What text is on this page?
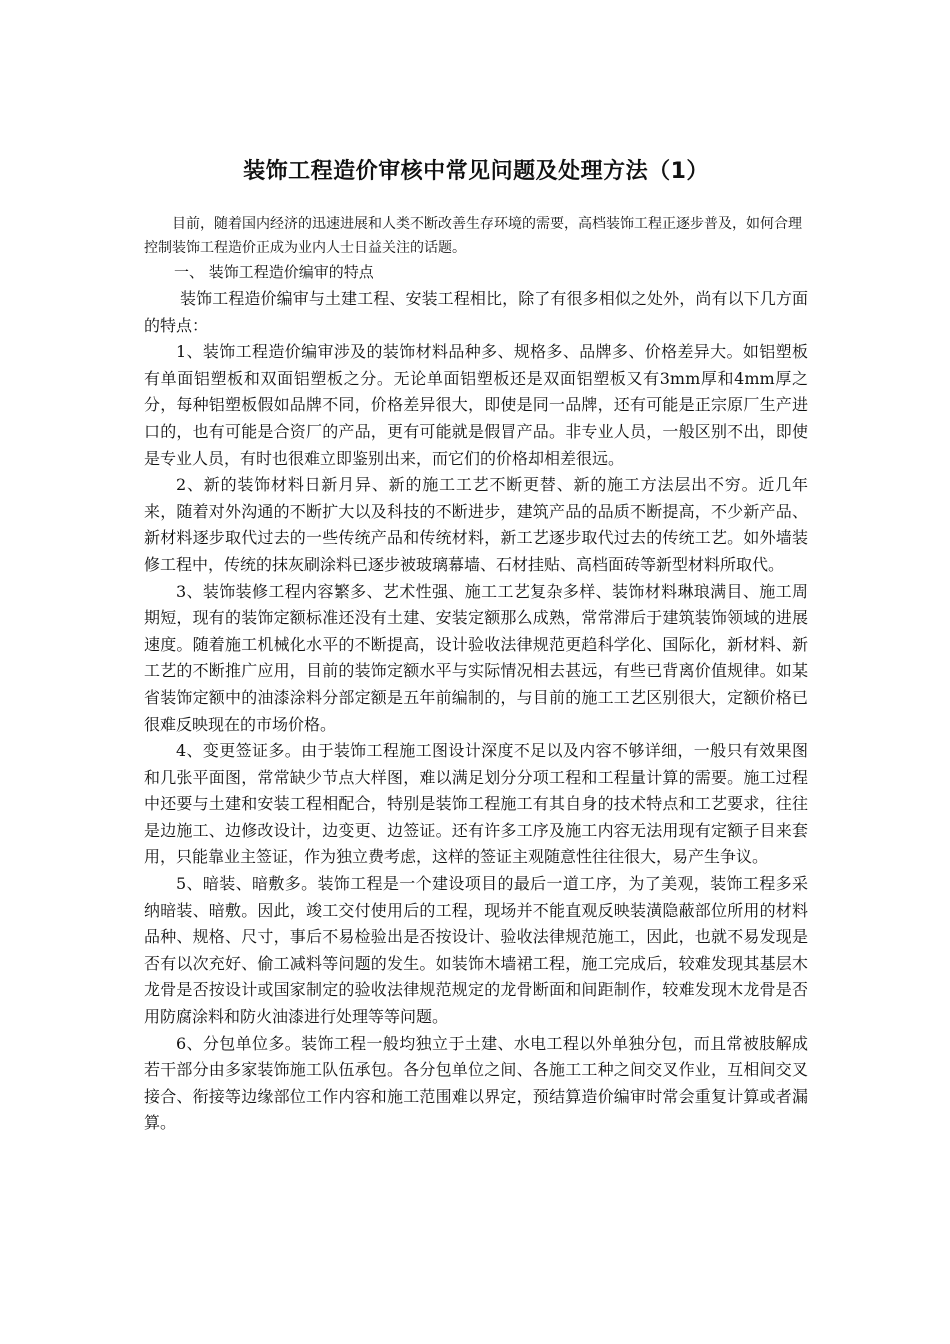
装饰工程造价审核中常见问题及处理方法（1）

目前，随着国内经济的迅速进展和人类不断改善生存环境的需要，高档装饰工程正逐步普及，如何合理控制装饰工程造价正成为业内人士日益关注的话题。

一、 装饰工程造价编审的特点

装饰工程造价编审与土建工程、安装工程相比，除了有很多相似之处外，尚有以下几方面的特点：

1、装饰工程造价编审涉及的装饰材料品种多、规格多、品牌多、价格差异大。如铝塑板有单面铝塑板和双面铝塑板之分。无论单面铝塑板还是双面铝塑板又有3mm厚和4mm厚之分，每种铝塑板假如品牌不同，价格差异很大，即使是同一品牌，还有可能是正宗原厂生产进口的，也有可能是合资厂的产品，更有可能就是假冒产品。非专业人员，一般区别不出，即使是专业人员，有时也很难立即鉴别出来，而它们的价格却相差很远。

2、新的装饰材料日新月异、新的施工工艺不断更替、新的施工方法层出不穷。近几年来，随着对外沟通的不断扩大以及科技的不断进步，建筑产品的品质不断提高，不少新产品、新材料逐步取代过去的一些传统产品和传统材料，新工艺逐步取代过去的传统工艺。如外墙装修工程中，传统的抹灰刷涂料已逐步被玻璃幕墙、石材挂贴、高档面砖等新型材料所取代。

3、装饰装修工程内容繁多、艺术性强、施工工艺复杂多样、装饰材料琳琅满目、施工周期短，现有的装饰定额标准还没有土建、安装定额那么成熟，常常滞后于建筑装饰领域的进展速度。随着施工机械化水平的不断提高，设计验收法律规范更趋科学化、国际化，新材料、新工艺的不断推广应用，目前的装饰定额水平与实际情况相去甚远，有些已背离价值规律。如某省装饰定额中的油漆涂料分部定额是五年前编制的，与目前的施工工艺区别很大，定额价格已很难反映现在的市场价格。

4、变更签证多。由于装饰工程施工图设计深度不足以及内容不够详细，一般只有效果图和几张平面图，常常缺少节点大样图，难以满足划分分项工程和工程量计算的需要。施工过程中还要与土建和安装工程相配合，特别是装饰工程施工有其自身的技术特点和工艺要求，往往是边施工、边修改设计，边变更、边签证。还有许多工序及施工内容无法用现有定额子目来套用，只能靠业主签证，作为独立费考虑，这样的签证主观随意性往往很大，易产生争议。

5、暗装、暗敷多。装饰工程是一个建设项目的最后一道工序，为了美观，装饰工程多采纳暗装、暗敷。因此，竣工交付使用后的工程，现场并不能直观反映装潢隐蔽部位所用的材料品种、规格、尺寸，事后不易检验出是否按设计、验收法律规范施工，因此，也就不易发现是否有以次充好、偷工减料等问题的发生。如装饰木墙裙工程，施工完成后，较难发现其基层木龙骨是否按设计或国家制定的验收法律规范规定的龙骨断面和间距制作，较难发现木龙骨是否用防腐涂料和防火油漆进行处理等等问题。

6、分包单位多。装饰工程一般均独立于土建、水电工程以外单独分包，而且常被肢解成若干部分由多家装饰施工队伍承包。各分包单位之间、各施工工种之间交叉作业，互相间交叉接合、衔接等边缘部位工作内容和施工范围难以界定，预结算造价编审时常会重复计算或者漏算。
